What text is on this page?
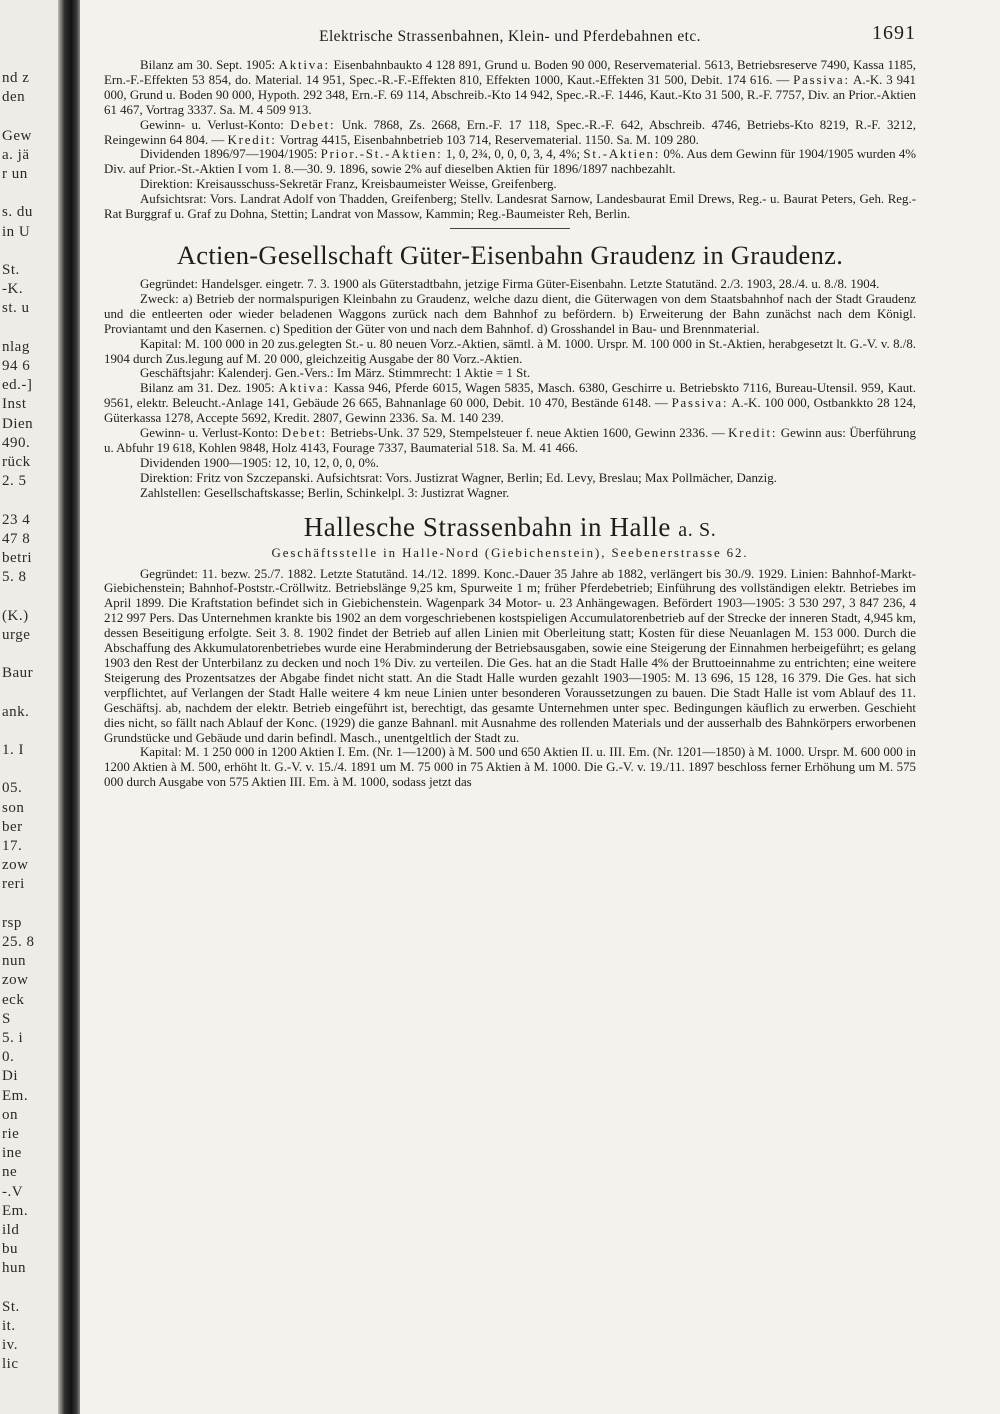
nd z
den
Gew
a. jä
r un
s. du
in U
St.
-K.
st. u
nlag
94 6
ed.-]
Inst
Dien
490.
rück
2. 5
23 4
47 8
betri
5. 8
(K.)
urge
Baur
ank.
1. I
05.
son
ber
17.
zow
reri
rsp
25. 8
nun
zow
eck
S
5. i
0.
Di
Em.
on
rie
ine
ne
-.V
Em.
ild
bu
hun
St.
it.
iv.
lic
Elektrische Strassenbahnen, Klein- und Pferdebahnen etc.	1691

Bilanz am 30. Sept. 1905: Aktiva: Eisenbahnbaukto 4 128 891, Grund u. Boden 90 000, Reservematerial. 5613, Betriebsreserve 7490, Kassa 1185, Ern.-F.-Effekten 53 854, do. Material. 14 951, Spec.-R.-F.-Effekten 810, Effekten 1000, Kaut.-Effekten 31 500, Debit. 174 616. — Passiva: A.-K. 3 941 000, Grund u. Boden 90 000, Hypoth. 292 348, Ern.-F. 69 114, Abschreib.-Kto 14 942, Spec.-R.-F. 1446, Kaut.-Kto 31 500, R.-F. 7757, Div. an Prior.-Aktien 61 467, Vortrag 3337. Sa. M. 4 509 913.

Gewinn- u. Verlust-Konto: Debet: Unk. 7868, Zs. 2668, Ern.-F. 17 118, Spec.-R.-F. 642, Abschreib. 4746, Betriebs-Kto 8219, R.-F. 3212, Reingewinn 64 804. — Kredit: Vortrag 4415, Eisenbahnbetrieb 103 714, Reservematerial. 1150. Sa. M. 109 280.

Dividenden 1896/97—1904/1905: Prior.-St.-Aktien: 1, 0, 2¾, 0, 0, 0, 3, 4, 4%; St.-Aktien: 0%. Aus dem Gewinn für 1904/1905 wurden 4% Div. auf Prior.-St.-Aktien I vom 1. 8.—30. 9. 1896, sowie 2% auf dieselben Aktien für 1896/1897 nachbezahlt.

Direktion: Kreisausschuss-Sekretär Franz, Kreisbaumeister Weisse, Greifenberg.

Aufsichtsrat: Vors. Landrat Adolf von Thadden, Greifenberg; Stellv. Landesrat Sarnow, Landesbaurat Emil Drews, Reg.- u. Baurat Peters, Geh. Reg.-Rat Burggraf u. Graf zu Dohna, Stettin; Landrat von Massow, Kammin; Reg.-Baumeister Reh, Berlin.

Actien-Gesellschaft Güter-Eisenbahn Graudenz in Graudenz.

Gegründet: Handelsger. eingetr. 7. 3. 1900 als Güterstadtbahn, jetzige Firma Güter-Eisenbahn. Letzte Statutänd. 2./3. 1903, 28./4. u. 8./8. 1904.

Zweck: a) Betrieb der normalspurigen Kleinbahn zu Graudenz, welche dazu dient, die Güterwagen von dem Staatsbahnhof nach der Stadt Graudenz und die entleerten oder wieder beladenen Waggons zurück nach dem Bahnhof zu befördern. b) Erweiterung der Bahn zunächst nach dem Königl. Proviantamt und den Kasernen. c) Spedition der Güter von und nach dem Bahnhof. d) Grosshandel in Bau- und Brennmaterial.

Kapital: M. 100 000 in 20 zus.gelegten St.- u. 80 neuen Vorz.-Aktien, sämtl. à M. 1000. Urspr. M. 100 000 in St.-Aktien, herabgesetzt lt. G.-V. v. 8./8. 1904 durch Zus.legung auf M. 20 000, gleichzeitig Ausgabe der 80 Vorz.-Aktien.

Geschäftsjahr: Kalenderj. Gen.-Vers.: Im März. Stimmrecht: 1 Aktie = 1 St.

Bilanz am 31. Dez. 1905: Aktiva: Kassa 946, Pferde 6015, Wagen 5835, Masch. 6380, Geschirre u. Betriebskto 7116, Bureau-Utensil. 959, Kaut. 9561, elektr. Beleucht.-Anlage 141, Gebäude 26 665, Bahnanlage 60 000, Debit. 10 470, Bestände 6148. — Passiva: A.-K. 100 000, Ostbankkto 28 124, Güterkassa 1278, Accepte 5692, Kredit. 2807, Gewinn 2336. Sa. M. 140 239.

Gewinn- u. Verlust-Konto: Debet: Betriebs-Unk. 37 529, Stempelsteuer f. neue Aktien 1600, Gewinn 2336. — Kredit: Gewinn aus: Überführung u. Abfuhr 19 618, Kohlen 9848, Holz 4143, Fourage 7337, Baumaterial 518. Sa. M. 41 466.

Dividenden 1900—1905: 12, 10, 12, 0, 0, 0%.

Direktion: Fritz von Szczepanski. Aufsichtsrat: Vors. Justizrat Wagner, Berlin; Ed. Levy, Breslau; Max Pollmächer, Danzig.

Zahlstellen: Gesellschaftskasse; Berlin, Schinkelpl. 3: Justizrat Wagner.

Hallesche Strassenbahn in Halle a. S.
Geschäftsstelle in Halle-Nord (Giebichenstein), Seebenerstrasse 62.

Gegründet: 11. bezw. 25./7. 1882. Letzte Statutänd. 14./12. 1899. Konc.-Dauer 35 Jahre ab 1882, verlängert bis 30./9. 1929. Linien: Bahnhof-Markt-Giebichenstein; Bahnhof-Poststr.-Cröllwitz. Betriebslänge 9,25 km, Spurweite 1 m; früher Pferdebetrieb; Einführung des vollständigen elektr. Betriebes im April 1899. Die Kraftstation befindet sich in Giebichenstein. Wagenpark 34 Motor- u. 23 Anhängewagen. Befördert 1903—1905: 3 530 297, 3 847 236, 4 212 997 Pers. Das Unternehmen krankte bis 1902 an dem vorgeschriebenen kostspieligen Accumulatorenbetrieb auf der Strecke der inneren Stadt, 4,945 km, dessen Beseitigung erfolgte. Seit 3. 8. 1902 findet der Betrieb auf allen Linien mit Oberleitung statt; Kosten für diese Neuanlagen M. 153 000. Durch die Abschaffung des Akkumulatorenbetriebes wurde eine Herabminderung der Betriebsausgaben, sowie eine Steigerung der Einnahmen herbeigeführt; es gelang 1903 den Rest der Unterbilanz zu decken und noch 1% Div. zu verteilen. Die Ges. hat an die Stadt Halle 4% der Bruttoeinnahme zu entrichten; eine weitere Steigerung des Prozentsatzes der Abgabe findet nicht statt. An die Stadt Halle wurden gezahlt 1903—1905: M. 13 696, 15 128, 16 379. Die Ges. hat sich verpflichtet, auf Verlangen der Stadt Halle weitere 4 km neue Linien unter besonderen Voraussetzungen zu bauen. Die Stadt Halle ist vom Ablauf des 11. Geschäftsj. ab, nachdem der elektr. Betrieb eingeführt ist, berechtigt, das gesamte Unternehmen unter spec. Bedingungen käuflich zu erwerben. Geschieht dies nicht, so fällt nach Ablauf der Konc. (1929) die ganze Bahnanl. mit Ausnahme des rollenden Materials und der ausserhalb des Bahnkörpers erworbenen Grundstücke und Gebäude und darin befindl. Masch., unentgeltlich der Stadt zu.

Kapital: M. 1 250 000 in 1200 Aktien I. Em. (Nr. 1—1200) à M. 500 und 650 Aktien II. u. III. Em. (Nr. 1201—1850) à M. 1000. Urspr. M. 600 000 in 1200 Aktien à M. 500, erhöht lt. G.-V. v. 15./4. 1891 um M. 75 000 in 75 Aktien à M. 1000. Die G.-V. v. 19./11. 1897 beschloss ferner Erhöhung um M. 575 000 durch Ausgabe von 575 Aktien III. Em. à M. 1000, sodass jetzt das
